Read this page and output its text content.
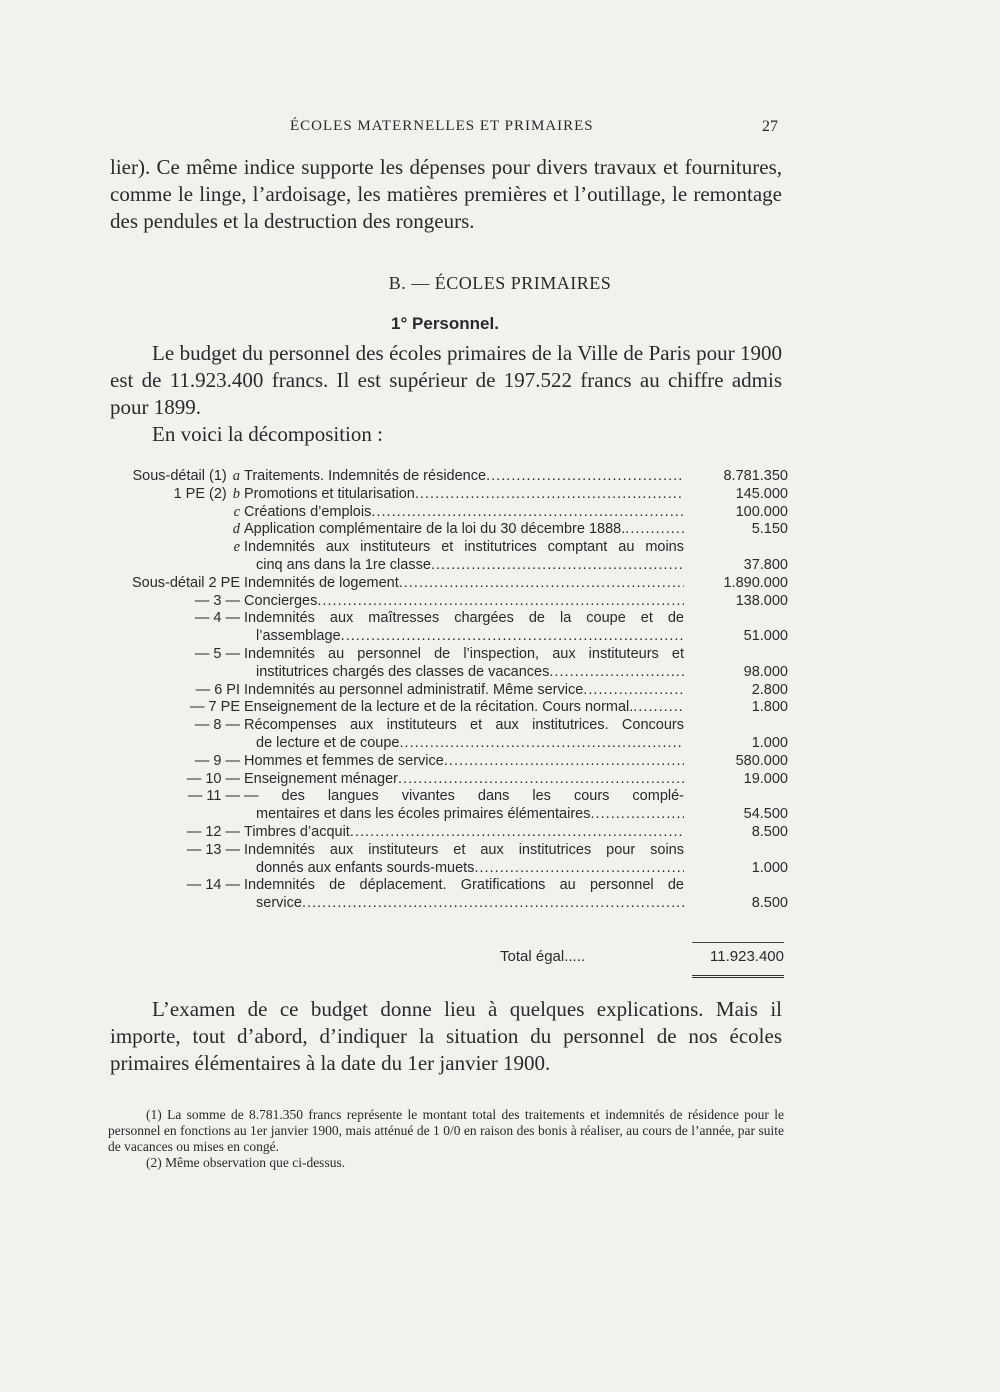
ÉCOLES MATERNELLES ET PRIMAIRES	27
lier). Ce même indice supporte les dépenses pour divers travaux et fournitures, comme le linge, l’ardoisage, les matières premières et l’outillage, le remontage des pendules et la destruction des rongeurs.
B. — ÉCOLES PRIMAIRES
1° Personnel.
Le budget du personnel des écoles primaires de la Ville de Paris pour 1900 est de 11.923.400 francs. Il est supérieur de 197.522 francs au chiffre admis pour 1899.
En voici la décomposition :
Sous-détail (1) a Traitements. Indemnités de résidence . . .	8.781.350
1 PE (2) b Promotions et titularisation . . .	145.000
c Créations d’emplois . . .	100.000
d Application complémentaire de la loi du 30 décembre 1888. . . .	5.150
e Indemnités aux instituteurs et institutrices comptant au moins
cinq ans dans la 1re classe . . .	37.800
Sous-détail 2 PE Indemnités de logement . . .	1.890.000
— 3 — Concierges . . .	138.000
— 4 — Indemnités aux maîtresses chargées de la coupe et de
l’assemblage . . .	51.000
— 5 — Indemnités au personnel de l’inspection, aux instituteurs et
institutrices chargés des classes de vacances . . .	98.000
— 6 PI Indemnités au personnel administratif. Même service . . .	2.800
— 7 PE Enseignement de la lecture et de la récitation. Cours normal. . . .	1.800
— 8 — Récompenses aux instituteurs et aux institutrices. Concours
de lecture et de coupe . . .	1.000
— 9 — Hommes et femmes de service . . .	580.000
— 10 — Enseignement ménager . . .	19.000
— 11 — — des langues vivantes dans les cours complé-
mentaires et dans les écoles primaires élémentaires . . .	54.500
— 12 — Timbres d’acquit . . .	8.500
— 13 — Indemnités aux instituteurs et aux institutrices pour soins
donnés aux enfants sourds-muets . . .	1.000
— 14 — Indemnités de déplacement. Gratifications au personnel de
service . . .	8.500
Total égal.....	11.923.400
L’examen de ce budget donne lieu à quelques explications. Mais il importe, tout d’abord, d’indiquer la situation du personnel de nos écoles primaires élémentaires à la date du 1er janvier 1900.

(1) La somme de 8.781.350 francs représente le montant total des traitements et indemnités de résidence pour le personnel en fonctions au 1er janvier 1900, mais atténué de 1 0/0 en raison des bonis à réaliser, au cours de l’année, par suite de vacances ou mises en congé.

(2) Même observation que ci-dessus.
